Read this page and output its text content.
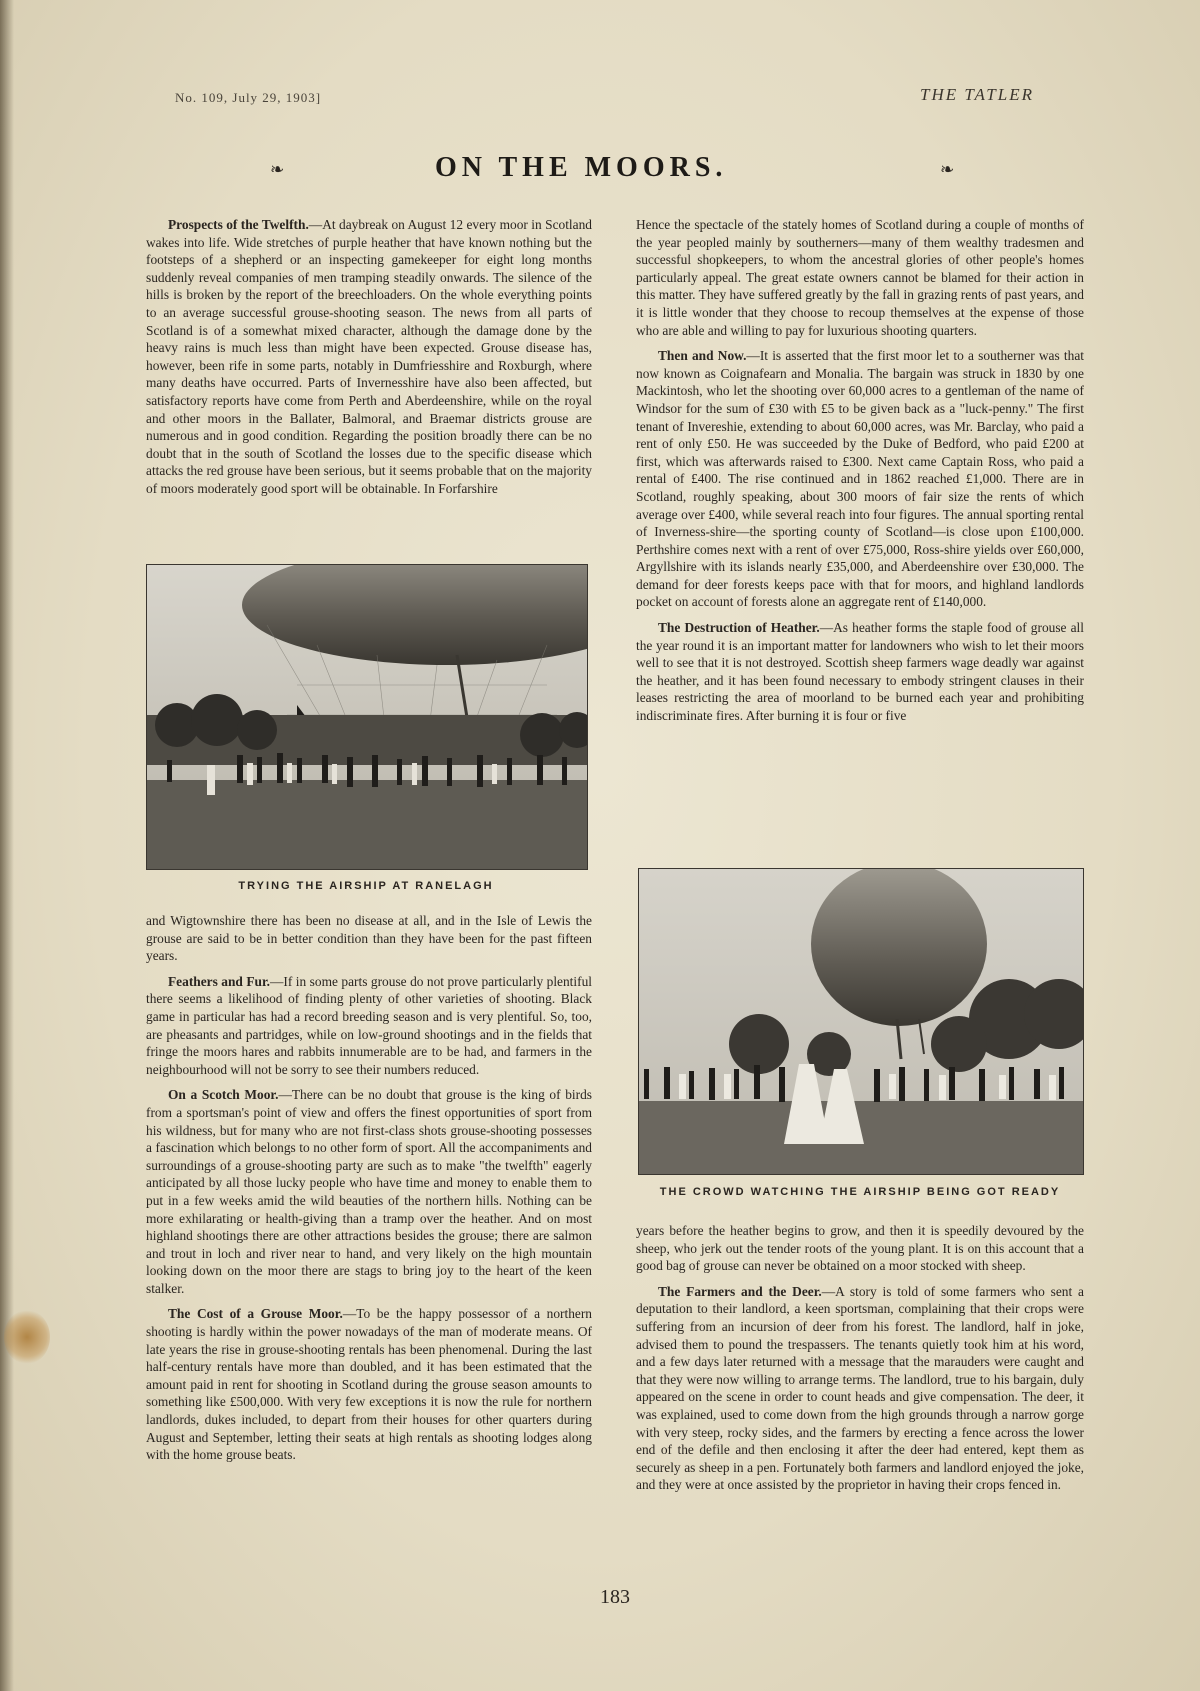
No. 109, July 29, 1903]	THE TATLER
❧	ON THE MOORS.	❧

Prospects of the Twelfth.—At daybreak on August 12 every moor in Scotland wakes into life. Wide stretches of purple heather that have known nothing but the footsteps of a shepherd or an inspecting gamekeeper for eight long months suddenly reveal companies of men tramping steadily onwards. The silence of the hills is broken by the report of the breechloaders. On the whole everything points to an average successful grouse-shooting season. The news from all parts of Scotland is of a somewhat mixed character, although the damage done by the heavy rains is much less than might have been expected. Grouse disease has, however, been rife in some parts, notably in Dumfriesshire and Roxburgh, where many deaths have occurred. Parts of Invernesshire have also been affected, but satisfactory reports have come from Perth and Aberdeenshire, while on the royal and other moors in the Ballater, Balmoral, and Braemar districts grouse are numerous and in good condition. Regarding the position broadly there can be no doubt that in the south of Scotland the losses due to the specific disease which attacks the red grouse have been serious, but it seems probable that on the majority of moors moderately good sport will be obtainable. In Forfarshire

TRYING THE AIRSHIP AT RANELAGH

and Wigtownshire there has been no disease at all, and in the Isle of Lewis the grouse are said to be in better condition than they have been for the past fifteen years.

Feathers and Fur.—If in some parts grouse do not prove particularly plentiful there seems a likelihood of finding plenty of other varieties of shooting. Black game in particular has had a record breeding season and is very plentiful. So, too, are pheasants and partridges, while on low-ground shootings and in the fields that fringe the moors hares and rabbits innumerable are to be had, and farmers in the neighbourhood will not be sorry to see their numbers reduced.

On a Scotch Moor.—There can be no doubt that grouse is the king of birds from a sportsman's point of view and offers the finest opportunities of sport from his wildness, but for many who are not first-class shots grouse-shooting possesses a fascination which belongs to no other form of sport. All the accompaniments and surroundings of a grouse-shooting party are such as to make "the twelfth" eagerly anticipated by all those lucky people who have time and money to enable them to put in a few weeks amid the wild beauties of the northern hills. Nothing can be more exhilarating or health-giving than a tramp over the heather. And on most highland shootings there are other attractions besides the grouse; there are salmon and trout in loch and river near to hand, and very likely on the high mountain looking down on the moor there are stags to bring joy to the heart of the keen stalker.

The Cost of a Grouse Moor.—To be the happy possessor of a northern shooting is hardly within the power nowadays of the man of moderate means. Of late years the rise in grouse-shooting rentals has been phenomenal. During the last half-century rentals have more than doubled, and it has been estimated that the amount paid in rent for shooting in Scotland during the grouse season amounts to something like £500,000. With very few exceptions it is now the rule for northern landlords, dukes included, to depart from their houses for other quarters during August and September, letting their seats at high rentals as shooting lodges along with the home grouse beats.

Hence the spectacle of the stately homes of Scotland during a couple of months of the year peopled mainly by southerners—many of them wealthy tradesmen and successful shopkeepers, to whom the ancestral glories of other people's homes particularly appeal. The great estate owners cannot be blamed for their action in this matter. They have suffered greatly by the fall in grazing rents of past years, and it is little wonder that they choose to recoup themselves at the expense of those who are able and willing to pay for luxurious shooting quarters.

Then and Now.—It is asserted that the first moor let to a southerner was that now known as Coignafearn and Monalia. The bargain was struck in 1830 by one Mackintosh, who let the shooting over 60,000 acres to a gentleman of the name of Windsor for the sum of £30 with £5 to be given back as a "luck-penny." The first tenant of Invereshie, extending to about 60,000 acres, was Mr. Barclay, who paid a rent of only £50. He was succeeded by the Duke of Bedford, who paid £200 at first, which was afterwards raised to £300. Next came Captain Ross, who paid a rental of £400. The rise continued and in 1862 reached £1,000. There are in Scotland, roughly speaking, about 300 moors of fair size the rents of which average over £400, while several reach into four figures. The annual sporting rental of Inverness-shire—the sporting county of Scotland—is close upon £100,000. Perthshire comes next with a rent of over £75,000, Ross-shire yields over £60,000, Argyllshire with its islands nearly £35,000, and Aberdeenshire over £30,000. The demand for deer forests keeps pace with that for moors, and highland landlords pocket on account of forests alone an aggregate rent of £140,000.

The Destruction of Heather.—As heather forms the staple food of grouse all the year round it is an important matter for landowners who wish to let their moors well to see that it is not destroyed. Scottish sheep farmers wage deadly war against the heather, and it has been found necessary to embody stringent clauses in their leases restricting the area of moorland to be burned each year and prohibiting indiscriminate fires. After burning it is four or five

THE CROWD WATCHING THE AIRSHIP BEING GOT READY

years before the heather begins to grow, and then it is speedily devoured by the sheep, who jerk out the tender roots of the young plant. It is on this account that a good bag of grouse can never be obtained on a moor stocked with sheep.

The Farmers and the Deer.—A story is told of some farmers who sent a deputation to their landlord, a keen sportsman, complaining that their crops were suffering from an incursion of deer from his forest. The landlord, half in joke, advised them to pound the trespassers. The tenants quietly took him at his word, and a few days later returned with a message that the marauders were caught and that they were now willing to arrange terms. The landlord, true to his bargain, duly appeared on the scene in order to count heads and give compensation. The deer, it was explained, used to come down from the high grounds through a narrow gorge with very steep, rocky sides, and the farmers by erecting a fence across the lower end of the defile and then enclosing it after the deer had entered, kept them as securely as sheep in a pen. Fortunately both farmers and landlord enjoyed the joke, and they were at once assisted by the proprietor in having their crops fenced in.

183
